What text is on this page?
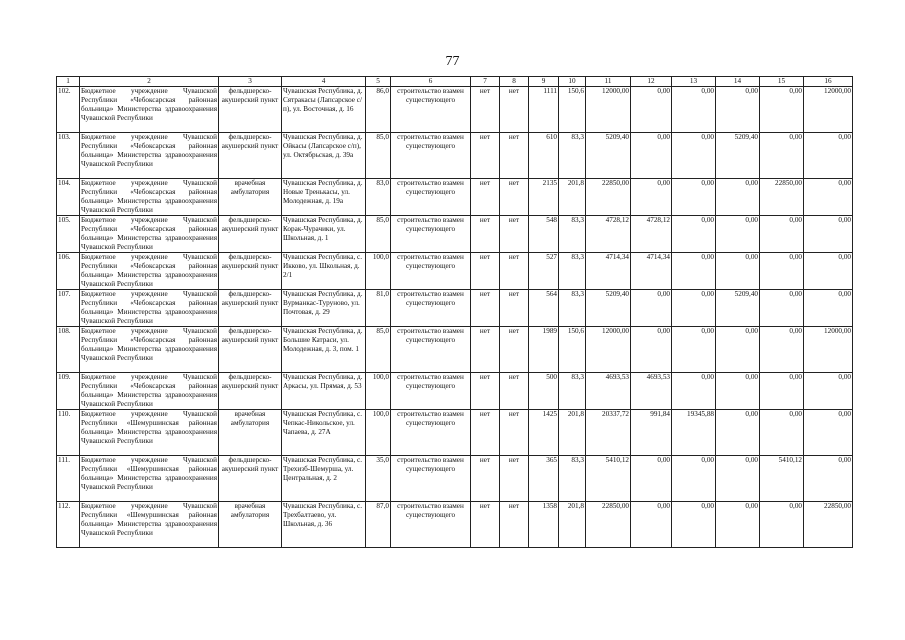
77
1	2	3	4	5	6	7	8	9	10	11	12	13	14	15	16
102.	Бюджетное учреждение Чувашской Республики «Чебоксарская районная больница» Министерства здравоохранения Чувашской Республики	фельдшерско-акушерский пункт	Чувашская Республика, д. Сятракасы (Лапсарское с/п), ул. Восточная, д. 16	86,0	строительство взамен существующего	нет	нет	1111	150,6	12000,00	0,00	0,00	0,00	0,00	12000,00
103.	Бюджетное учреждение Чувашской Республики «Чебоксарская районная больница» Министерства здравоохранения Чувашской Республики	фельдшерско-акушерский пункт	Чувашская Республика, д. Ойкасы (Лапсарское с/п), ул. Октябрьская, д. 39а	85,0	строительство взамен существующего	нет	нет	610	83,3	5209,40	0,00	0,00	5209,40	0,00	0,00
104.	Бюджетное учреждение Чувашской Республики «Чебоксарская районная больница» Министерства здравоохранения Чувашской Республики	врачебная амбулатория	Чувашская Республика, д. Новые Тренькасы, ул. Молодежная, д. 19а	83,0	строительство взамен существующего	нет	нет	2135	201,8	22850,00	0,00	0,00	0,00	22850,00	0,00
105.	Бюджетное учреждение Чувашской Республики «Чебоксарская районная больница» Министерства здравоохранения Чувашской Республики	фельдшерско-акушерский пункт	Чувашская Республика, д. Корак-Чурачики, ул. Школьная, д. 1	85,0	строительство взамен существующего	нет	нет	548	83,3	4728,12	4728,12	0,00	0,00	0,00	0,00
106.	Бюджетное учреждение Чувашской Республики «Чебоксарская районная больница» Министерства здравоохранения Чувашской Республики	фельдшерско-акушерский пункт	Чувашская Республика, с. Икково, ул. Школьная, д. 2/1	100,0	строительство взамен существующего	нет	нет	527	83,3	4714,34	4714,34	0,00	0,00	0,00	0,00
107.	Бюджетное учреждение Чувашской Республики «Чебоксарская районная больница» Министерства здравоохранения Чувашской Республики	фельдшерско-акушерский пункт	Чувашская Республика, д. Вурманкас-Туруново, ул. Почтовая, д. 29	81,0	строительство взамен существующего	нет	нет	564	83,3	5209,40	0,00	0,00	5209,40	0,00	0,00
108.	Бюджетное учреждение Чувашской Республики «Чебоксарская районная больница» Министерства здравоохранения Чувашской Республики	фельдшерско-акушерский пункт	Чувашская Республика, д. Большие Катраси, ул. Молодежная, д. 3, пом. 1	85,0	строительство взамен существующего	нет	нет	1989	150,6	12000,00	0,00	0,00	0,00	0,00	12000,00
109.	Бюджетное учреждение Чувашской Республики «Чебоксарская районная больница» Министерства здравоохранения Чувашской Республики	фельдшерско-акушерский пункт	Чувашская Республика, д. Аркасы, ул. Прямая, д. 53	100,0	строительство взамен существующего	нет	нет	500	83,3	4693,53	4693,53	0,00	0,00	0,00	0,00
110.	Бюджетное учреждение Чувашской Республики «Шемуршинская районная больница» Министерства здравоохранения Чувашской Республики	врачебная амбулатория	Чувашская Республика, с. Чепкас-Никольское, ул. Чапаева, д. 27А	100,0	строительство взамен существующего	нет	нет	1425	201,8	20337,72	991,84	19345,88	0,00	0,00	0,00
111.	Бюджетное учреждение Чувашской Республики «Шемуршинская районная больница» Министерства здравоохранения Чувашской Республики	фельдшерско-акушерский пункт	Чувашская Республика, с. Трехизб-Шемурша, ул. Центральная, д. 2	35,0	строительство взамен существующего	нет	нет	365	83,3	5410,12	0,00	0,00	0,00	5410,12	0,00
112.	Бюджетное учреждение Чувашской Республики «Шемуршинская районная больница» Министерства здравоохранения Чувашской Республики	врачебная амбулатория	Чувашская Республика, с. Трехбалтаево, ул. Школьная, д. 36	87,0	строительство взамен существующего	нет	нет	1358	201,8	22850,00	0,00	0,00	0,00	0,00	22850,00
